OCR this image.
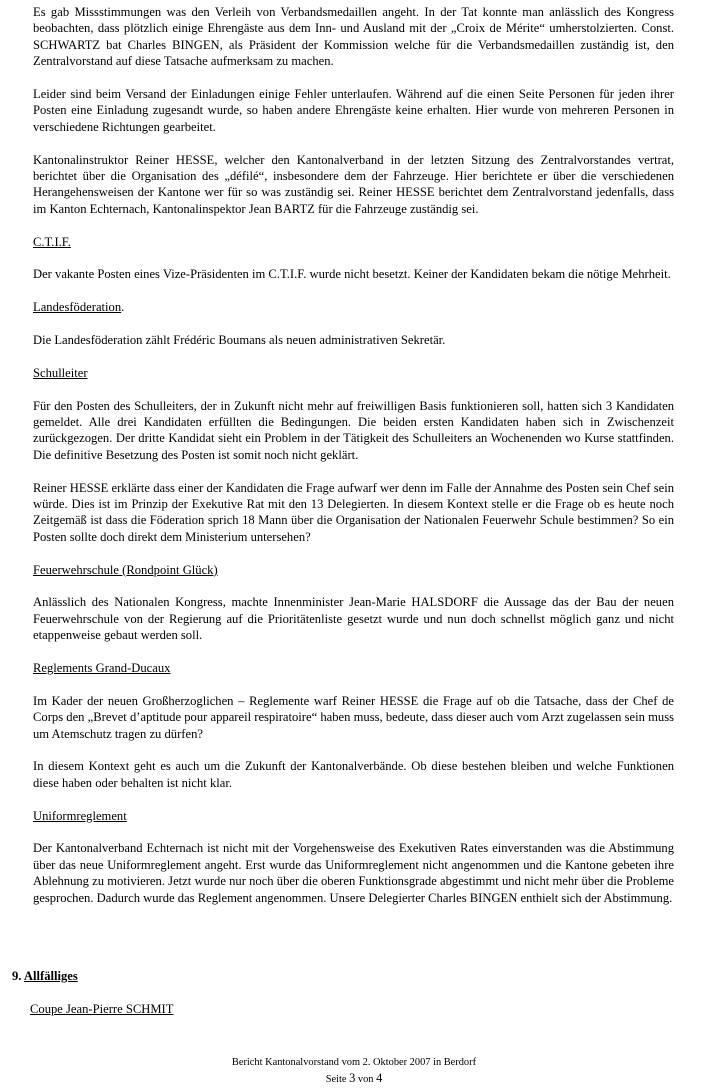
Es gab Missstimmungen was den Verleih von Verbandsmedaillen angeht. In der Tat konnte man anlässlich des Kongress beobachten, dass plötzlich einige Ehrengäste aus dem Inn- und Ausland mit der „Croix de Mérite“ umherstolzierten. Const. SCHWARTZ bat Charles BINGEN, als Präsident der Kommission welche für die Verbandsmedaillen zuständig ist, den Zentralvorstand auf diese Tatsache aufmerksam zu machen.

Leider sind beim Versand der Einladungen einige Fehler unterlaufen. Während auf die einen Seite Personen für jeden ihrer Posten eine Einladung zugesandt wurde, so haben andere Ehrengäste keine erhalten. Hier wurde von mehreren Personen in verschiedene Richtungen gearbeitet.

Kantonalinstruktor Reiner HESSE, welcher den Kantonalverband in der letzten Sitzung des Zentralvorstandes vertrat, berichtet über die Organisation des „défilé“, insbesondere dem der Fahrzeuge. Hier berichtete er über die verschiedenen Herangehensweisen der Kantone wer für so was zuständig sei. Reiner HESSE berichtet dem Zentralvorstand jedenfalls, dass im Kanton Echternach, Kantonalinspektor Jean BARTZ für die Fahrzeuge zuständig sei.

C.T.I.F.

Der vakante Posten eines Vize-Präsidenten im C.T.I.F. wurde nicht besetzt. Keiner der Kandidaten bekam die nötige Mehrheit.

Landesföderation.

Die Landesföderation zählt Frédéric Boumans als neuen administrativen Sekretär.

Schulleiter

Für den Posten des Schulleiters, der in Zukunft nicht mehr auf freiwilligen Basis funktionieren soll, hatten sich 3 Kandidaten gemeldet. Alle drei Kandidaten erfüllten die Bedingungen. Die beiden ersten Kandidaten haben sich in Zwischenzeit zurückgezogen. Der dritte Kandidat sieht ein Problem in der Tätigkeit des Schulleiters an Wochenenden wo Kurse stattfinden. Die definitive Besetzung des Posten ist somit noch nicht geklärt.

Reiner HESSE erklärte dass einer der Kandidaten die Frage aufwarf wer denn im Falle der Annahme des Posten sein Chef sein würde. Dies ist im Prinzip der Exekutive Rat mit den 13 Delegierten. In diesem Kontext stelle er die Frage ob es heute noch Zeitgemäß ist dass die Föderation sprich 18 Mann über die Organisation der Nationalen Feuerwehr Schule bestimmen? So ein Posten sollte doch direkt dem Ministerium untersehen?

Feuerwehrschule (Rondpoint Glück)

Anlässlich des Nationalen Kongress, machte Innenminister Jean-Marie HALSDORF die Aussage das der Bau der neuen Feuerwehrschule von der Regierung auf die Prioritätenliste gesetzt wurde und nun doch schnellst möglich ganz und nicht etappenweise gebaut werden soll.

Reglements Grand-Ducaux

Im Kader der neuen Großherzoglichen – Reglemente warf Reiner HESSE die Frage auf ob die Tatsache, dass der Chef de Corps den „Brevet d’aptitude pour appareil respiratoire“ haben muss, bedeute, dass dieser auch vom Arzt zugelassen sein muss um Atemschutz tragen zu dürfen?

In diesem Kontext geht es auch um die Zukunft der Kantonalverbände. Ob diese bestehen bleiben und welche Funktionen diese haben oder behalten ist nicht klar.

Uniformreglement

Der Kantonalverband Echternach ist nicht mit der Vorgehensweise des Exekutiven Rates einverstanden was die Abstimmung über das neue Uniformreglement angeht. Erst wurde das Uniformreglement nicht angenommen und die Kantone gebeten ihre Ablehnung zu motivieren. Jetzt wurde nur noch über die oberen Funktionsgrade abgestimmt und nicht mehr über die Probleme gesprochen. Dadurch wurde das Reglement angenommen. Unsere Delegierter Charles BINGEN enthielt sich der Abstimmung.

9. Allfälliges
Coupe Jean-Pierre SCHMIT
Bericht Kantonalvorstand vom 2. Oktober 2007 in Berdorf
Seite 3 von 4
